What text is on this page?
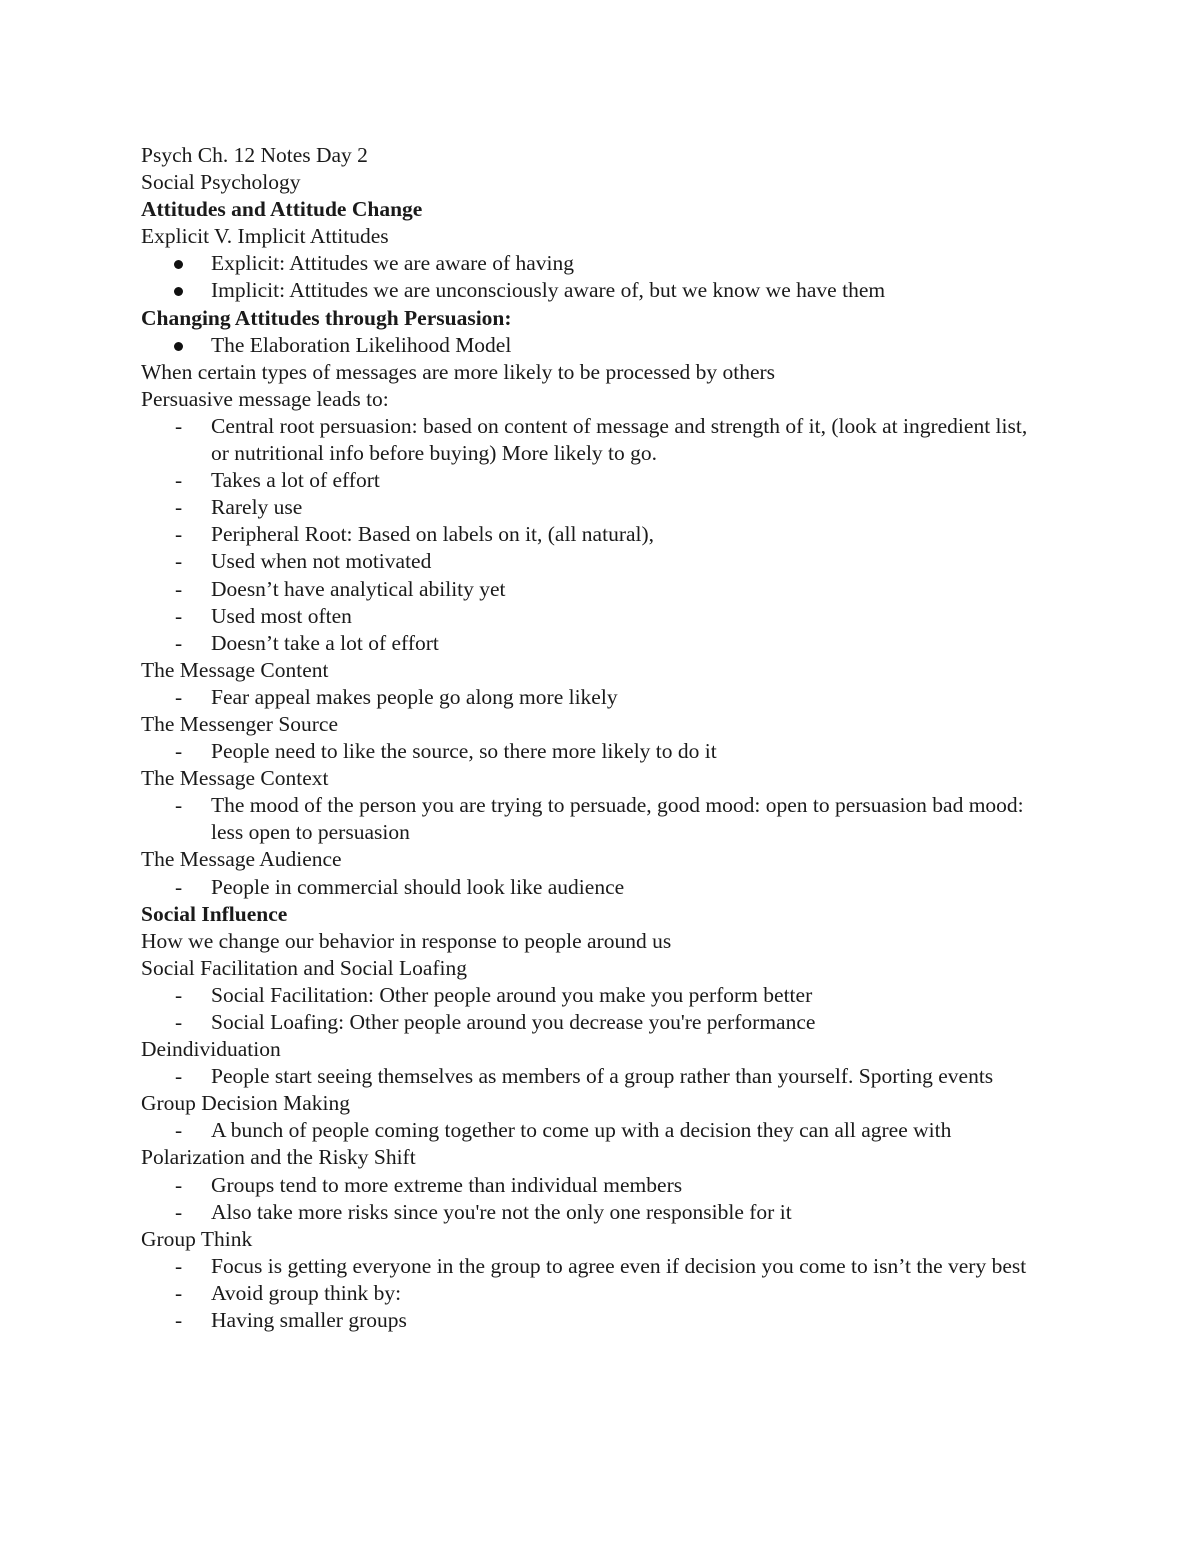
Psych Ch. 12 Notes Day 2
Social Psychology
Attitudes and Attitude Change
Explicit V. Implicit Attitudes
Explicit: Attitudes we are aware of having
Implicit: Attitudes we are unconsciously aware of, but we know we have them
Changing Attitudes through Persuasion:
The Elaboration Likelihood Model
When certain types of messages are more likely to be processed by others
Persuasive message leads to:
- Central root persuasion: based on content of message and strength of it, (look at ingredient list, or nutritional info before buying) More likely to go.
- Takes a lot of effort
- Rarely use
- Peripheral Root: Based on labels on it, (all natural),
- Used when not motivated
- Doesn’t have analytical ability yet
- Used most often
- Doesn’t take a lot of effort
The Message Content
- Fear appeal makes people go along more likely
The Messenger Source
- People need to like the source, so there more likely to do it
The Message Context
- The mood of the person you are trying to persuade, good mood: open to persuasion bad mood: less open to persuasion
The Message Audience
- People in commercial should look like audience
Social Influence
How we change our behavior in response to people around us
Social Facilitation and Social Loafing
- Social Facilitation: Other people around you make you perform better
- Social Loafing: Other people around you decrease you're performance
Deindividuation
- People start seeing themselves as members of a group rather than yourself. Sporting events
Group Decision Making
- A bunch of people coming together to come up with a decision they can all agree with
Polarization and the Risky Shift
- Groups tend to more extreme than individual members
- Also take more risks since you're not the only one responsible for it
Group Think
- Focus is getting everyone in the group to agree even if decision you come to isn’t the very best
- Avoid group think by:
- Having smaller groups
